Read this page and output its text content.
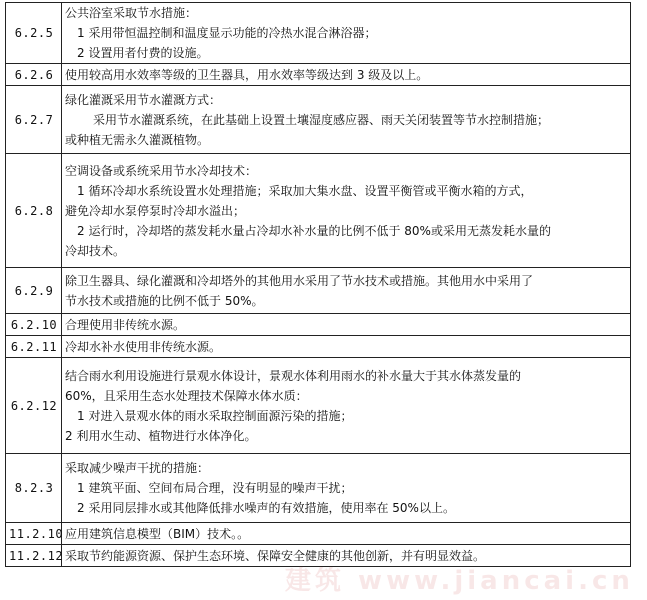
6.2.5	公共浴室采取节水措施：
1 采用带恒温控制和温度显示功能的冷热水混合淋浴器；
2 设置用者付费的设施。

6.2.6	使用较高用水效率等级的卫生器具，用水效率等级达到 3 级及以上。

6.2.7	绿化灌溉采用节水灌溉方式：
采用节水灌溉系统，在此基础上设置土壤湿度感应器、雨天关闭装置等节水控制措施；
或种植无需永久灌溉植物。

6.2.8	空调设备或系统采用节水冷却技术：
1 循环冷却水系统设置水处理措施；采取加大集水盘、设置平衡管或平衡水箱的方式，
避免冷却水泵停泵时冷却水溢出；
2 运行时，冷却塔的蒸发耗水量占冷却水补水量的比例不低于 80%或采用无蒸发耗水量的
冷却技术。

6.2.9	除卫生器具、绿化灌溉和冷却塔外的其他用水采用了节水技术或措施。其他用水中采用了
节水技术或措施的比例不低于 50%。

6.2.10	合理使用非传统水源。

6.2.11	冷却水补水使用非传统水源。

6.2.12	结合雨水利用设施进行景观水体设计，景观水体利用雨水的补水量大于其水体蒸发量的
60%，且采用生态水处理技术保障水体水质：
1 对进入景观水体的雨水采取控制面源污染的措施；
2 利用水生动、植物进行水体净化。

8.2.3	采取减少噪声干扰的措施：
1 建筑平面、空间布局合理，没有明显的噪声干扰；
2 采用同层排水或其他降低排水噪声的有效措施，使用率在 50%以上。

11.2.10	应用建筑信息模型（BIM）技术。。

11.2.12	采取节约能源资源、保护生态环境、保障安全健康的其他创新，并有明显效益。
建筑 www.jiancai.cn
